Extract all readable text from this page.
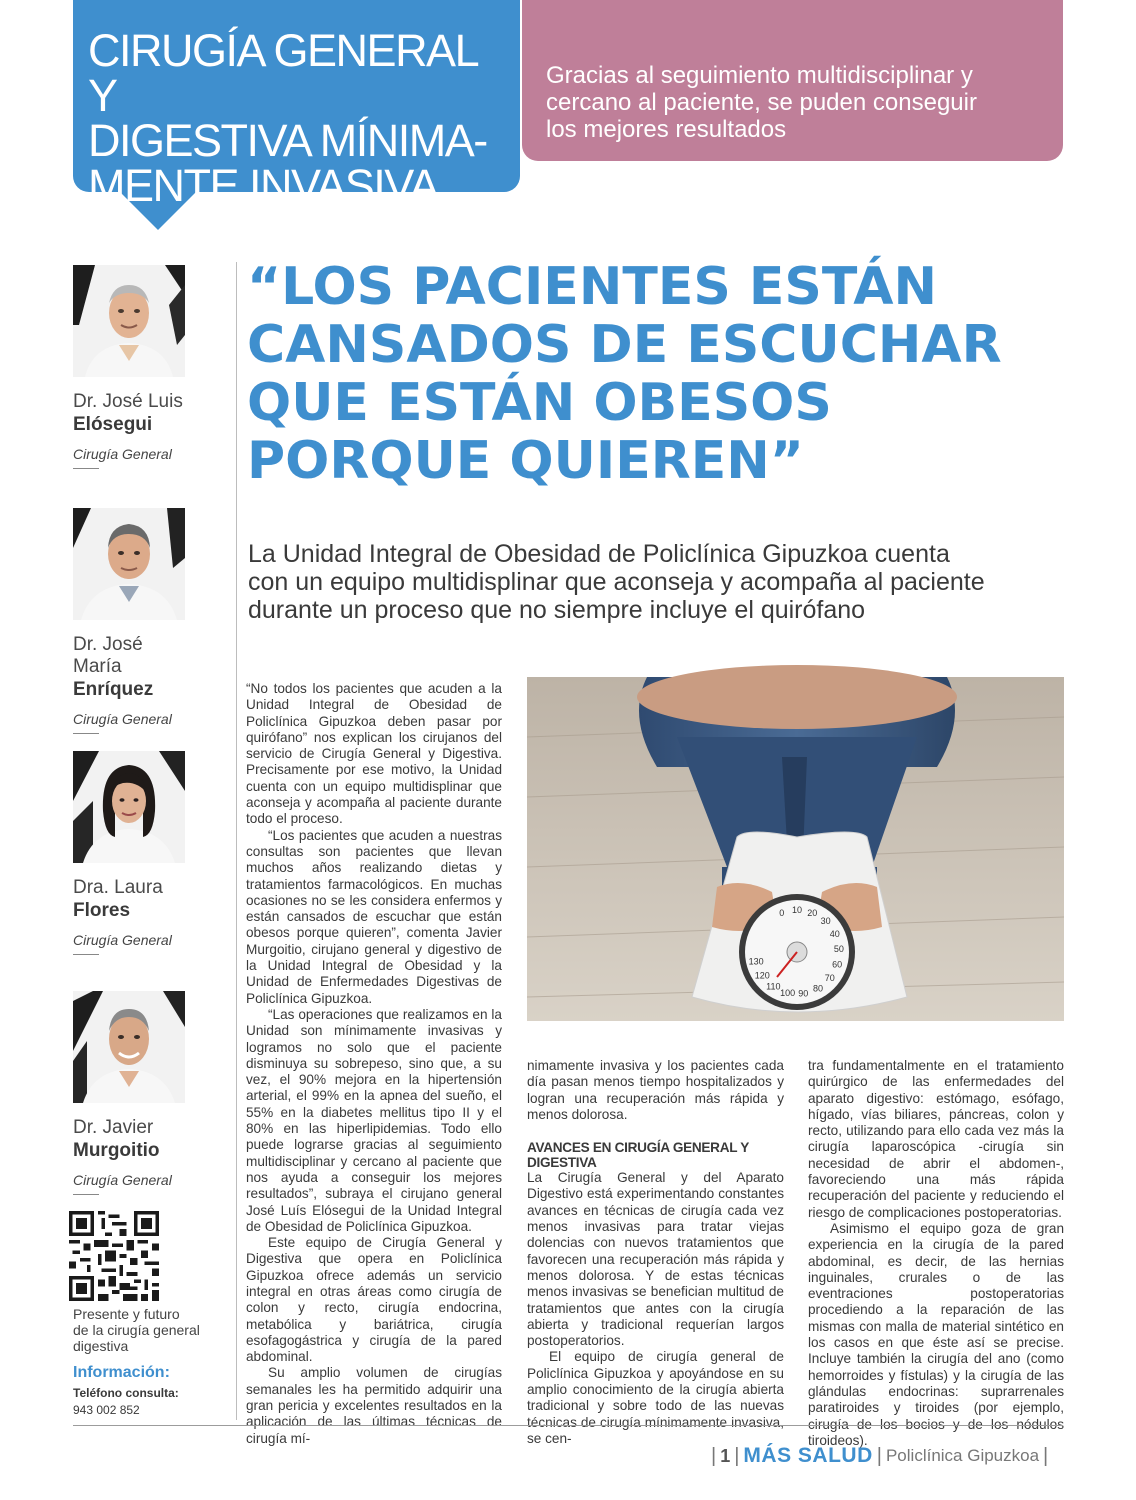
CIRUGÍA GENERAL Y
DIGESTIVA MÍNIMA-
MENTE INVASIVA
Gracias al seguimiento multidisciplinar y
cercano al paciente, se puden conseguir
los mejores resultados
Dr. José Luis
Elósegui
Cirugía General
Dr. José María
Enríquez
Cirugía General
Dra. Laura
Flores
Cirugía General
Dr. Javier
Murgoitio
Cirugía General
Presente y futuro
de la cirugía general
digestiva
Información:
Teléfono consulta:
943 002 852
“LOS PACIENTES ESTÁN
CANSADOS DE ESCUCHAR
QUE ESTÁN OBESOS
PORQUE QUIEREN”
La Unidad Integral de Obesidad de Policlínica Gipuzkoa cuenta
con un equipo multidisplinar que aconseja y acompaña al paciente
durante un proceso que no siempre incluye el quirófano

“No todos los pacientes que acuden a la Unidad Integral de Obesidad de Policlínica Gipuzkoa deben pasar por quirófano” nos explican los cirujanos del servicio de Cirugía General y Digestiva. Precisamente por ese motivo, la Unidad cuenta con un equipo multidisplinar que aconseja y acompaña al paciente durante todo el proceso.

“Los pacientes que acuden a nuestras consultas son pacientes que llevan muchos años realizando dietas y tratamientos farmacológicos. En muchas ocasiones no se les considera enfermos y están cansados de escuchar que están obesos porque quieren”, comenta Javier Murgoitio, cirujano general y digestivo de la Unidad Integral de Obesidad y la Unidad de Enfermedades Digestivas de Policlínica Gipuzkoa.

“Las operaciones que realizamos en la Unidad son mínimamente invasivas y logramos no solo que el paciente disminuya su sobrepeso, sino que, a su vez, el 90% mejora en la hipertensión arterial, el 99% en la apnea del sueño, el 55% en la diabetes mellitus tipo II y el 80% en las hiperlipidemias. Todo ello puede lograrse gracias al seguimiento multidisciplinar y cercano al paciente que nos ayuda a conseguir los mejores resultados”, subraya el cirujano general José Luís Elósegui de la Unidad Integral de Obesidad de Policlínica Gipuzkoa.

Este equipo de Cirugía General y Digestiva que opera en Policlínica Gipuzkoa ofrece además un servicio integral en otras áreas como cirugía de colon y recto, cirugía endocrina, metabólica y bariátrica, cirugía esofagogástrica y cirugía de la pared abdominal.

Su amplio volumen de cirugías semanales les ha permitido adquirir una gran pericia y excelentes resultados en la aplicación de las últimas técnicas de cirugía mí-

0 10 20
30
40
50
60
70
80
90
100
110
120
130

nimamente invasiva y los pacientes cada día pasan menos tiempo hospitalizados y logran una recuperación más rápida y menos dolorosa.

AVANCES EN CIRUGÍA GENERAL Y DIGESTIVA

La Cirugía General y del Aparato Digestivo está experimentando constantes avances en técnicas de cirugía cada vez menos invasivas para tratar viejas dolencias con nuevos tratamientos que favorecen una recuperación más rápida y menos dolorosa. Y de estas técnicas menos invasivas se benefician multitud de tratamientos que antes con la cirugía abierta y tradicional requerían largos postoperatorios.

El equipo de cirugía general de Policlínica Gipuzkoa y apoyándose en su amplio conocimiento de la cirugía abierta tradicional y sobre todo de las nuevas técnicas de cirugía mínimamente invasiva, se cen-

tra fundamentalmente en el tratamiento quirúrgico de las enfermedades del aparato digestivo: estómago, esófago, hígado, vías biliares, páncreas, colon y recto, utilizando para ello cada vez más la cirugía laparoscópica -cirugía sin necesidad de abrir el abdomen-, favoreciendo una más rápida recuperación del paciente y reduciendo el riesgo de complicaciones postoperatorias.

Asimismo el equipo goza de gran experiencia en la cirugía de la pared abdominal, es decir, de las hernias inguinales, crurales o de las eventraciones postoperatorias procediendo a la reparación de las mismas con malla de material sintético en los casos en que éste así se precise. Incluye también la cirugía del ano (como hemorroides y fístulas) y la cirugía de las glándulas endocrinas: suprarrenales paratiroides y tiroides (por ejemplo, cirugía de los bocios y de los nódulos tiroideos).

| 1 | MÁS SALUD | Policlínica Gipuzkoa |
